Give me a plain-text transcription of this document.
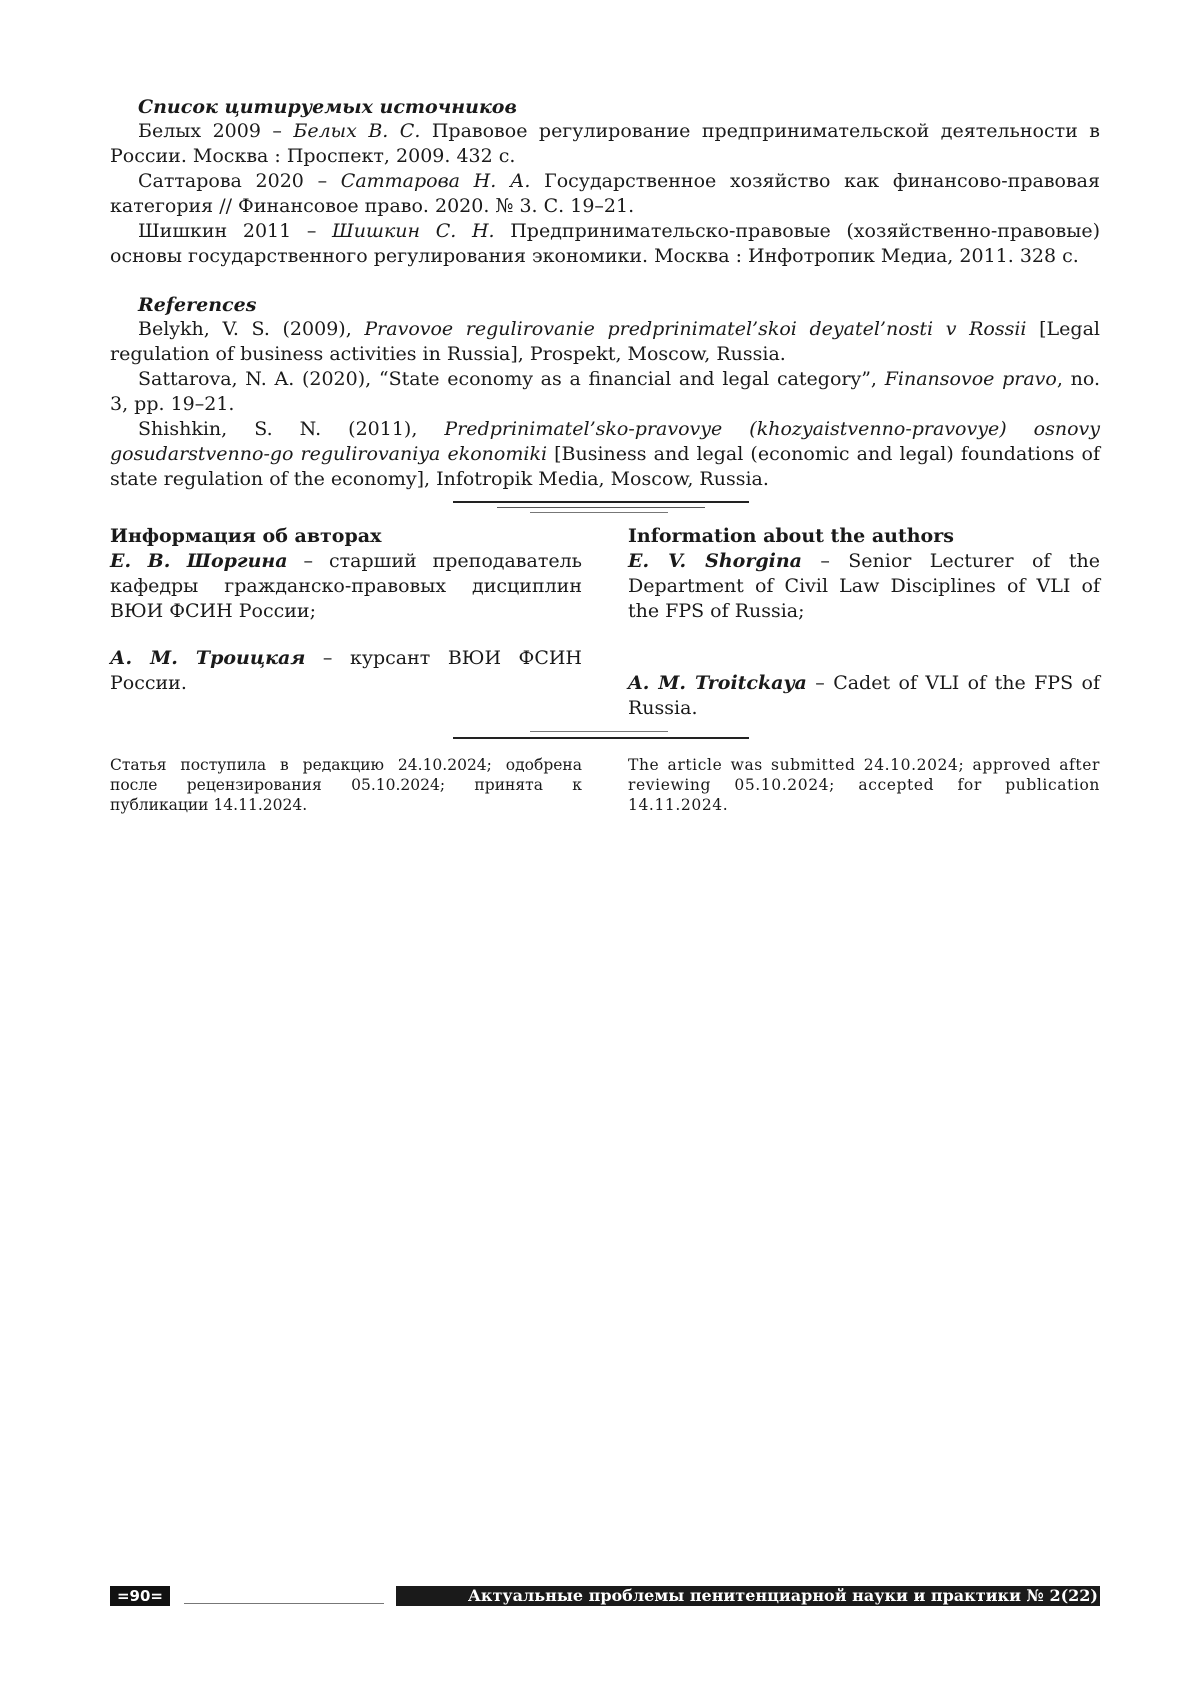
Список цитируемых источников

Белых 2009 – Белых В. С. Правовое регулирование предпринимательской деятельности в России. Москва : Проспект, 2009. 432 с.

Саттарова 2020 – Саттарова Н. А. Государственное хозяйство как финансово-правовая категория // Финансовое право. 2020. № 3. С. 19–21.

Шишкин 2011 – Шишкин С. Н. Предпринимательско-правовые (хозяйственно-правовые) основы государственного регулирования экономики. Москва : Инфотропик Медиа, 2011. 328 с.

References

Belykh, V. S. (2009), Pravovoe regulirovanie predprinimatel’skoi deyatel’nosti v Rossii [Legal regulation of business activities in Russia], Prospekt, Moscow, Russia.

Sattarova, N. A. (2020), “State economy as a financial and legal category”, Finansovoe pravo, no. 3, pp. 19–21.

Shishkin, S. N. (2011), Predprinimatel’sko-pravovye (khozyaistvenno-pravovye) osnovy gosudarstvenno-go regulirovaniya ekonomiki [Business and legal (economic and legal) foundations of state regulation of the economy], Infotropik Media, Moscow, Russia.

Информация об авторах

Е. В. Шоргина – старший преподаватель кафедры гражданско-правовых дисциплин ВЮИ ФСИН России;

А. М. Троицкая – курсант ВЮИ ФСИН России.

Information about the authors

E. V. Shorgina – Senior Lecturer of the Department of Civil Law Disciplines of VLI of the FPS of Russia;

A. M. Troitckaya – Cadet of VLI of the FPS of Russia.

Статья поступила в редакцию 24.10.2024; одобрена после рецензирования 05.10.2024; принята к публикации 14.11.2024.

The article was submitted 24.10.2024; approved after reviewing 05.10.2024; accepted for publication 14.11.2024.

=90=	Актуальные проблемы пенитенциарной науки и практики № 2(22)
